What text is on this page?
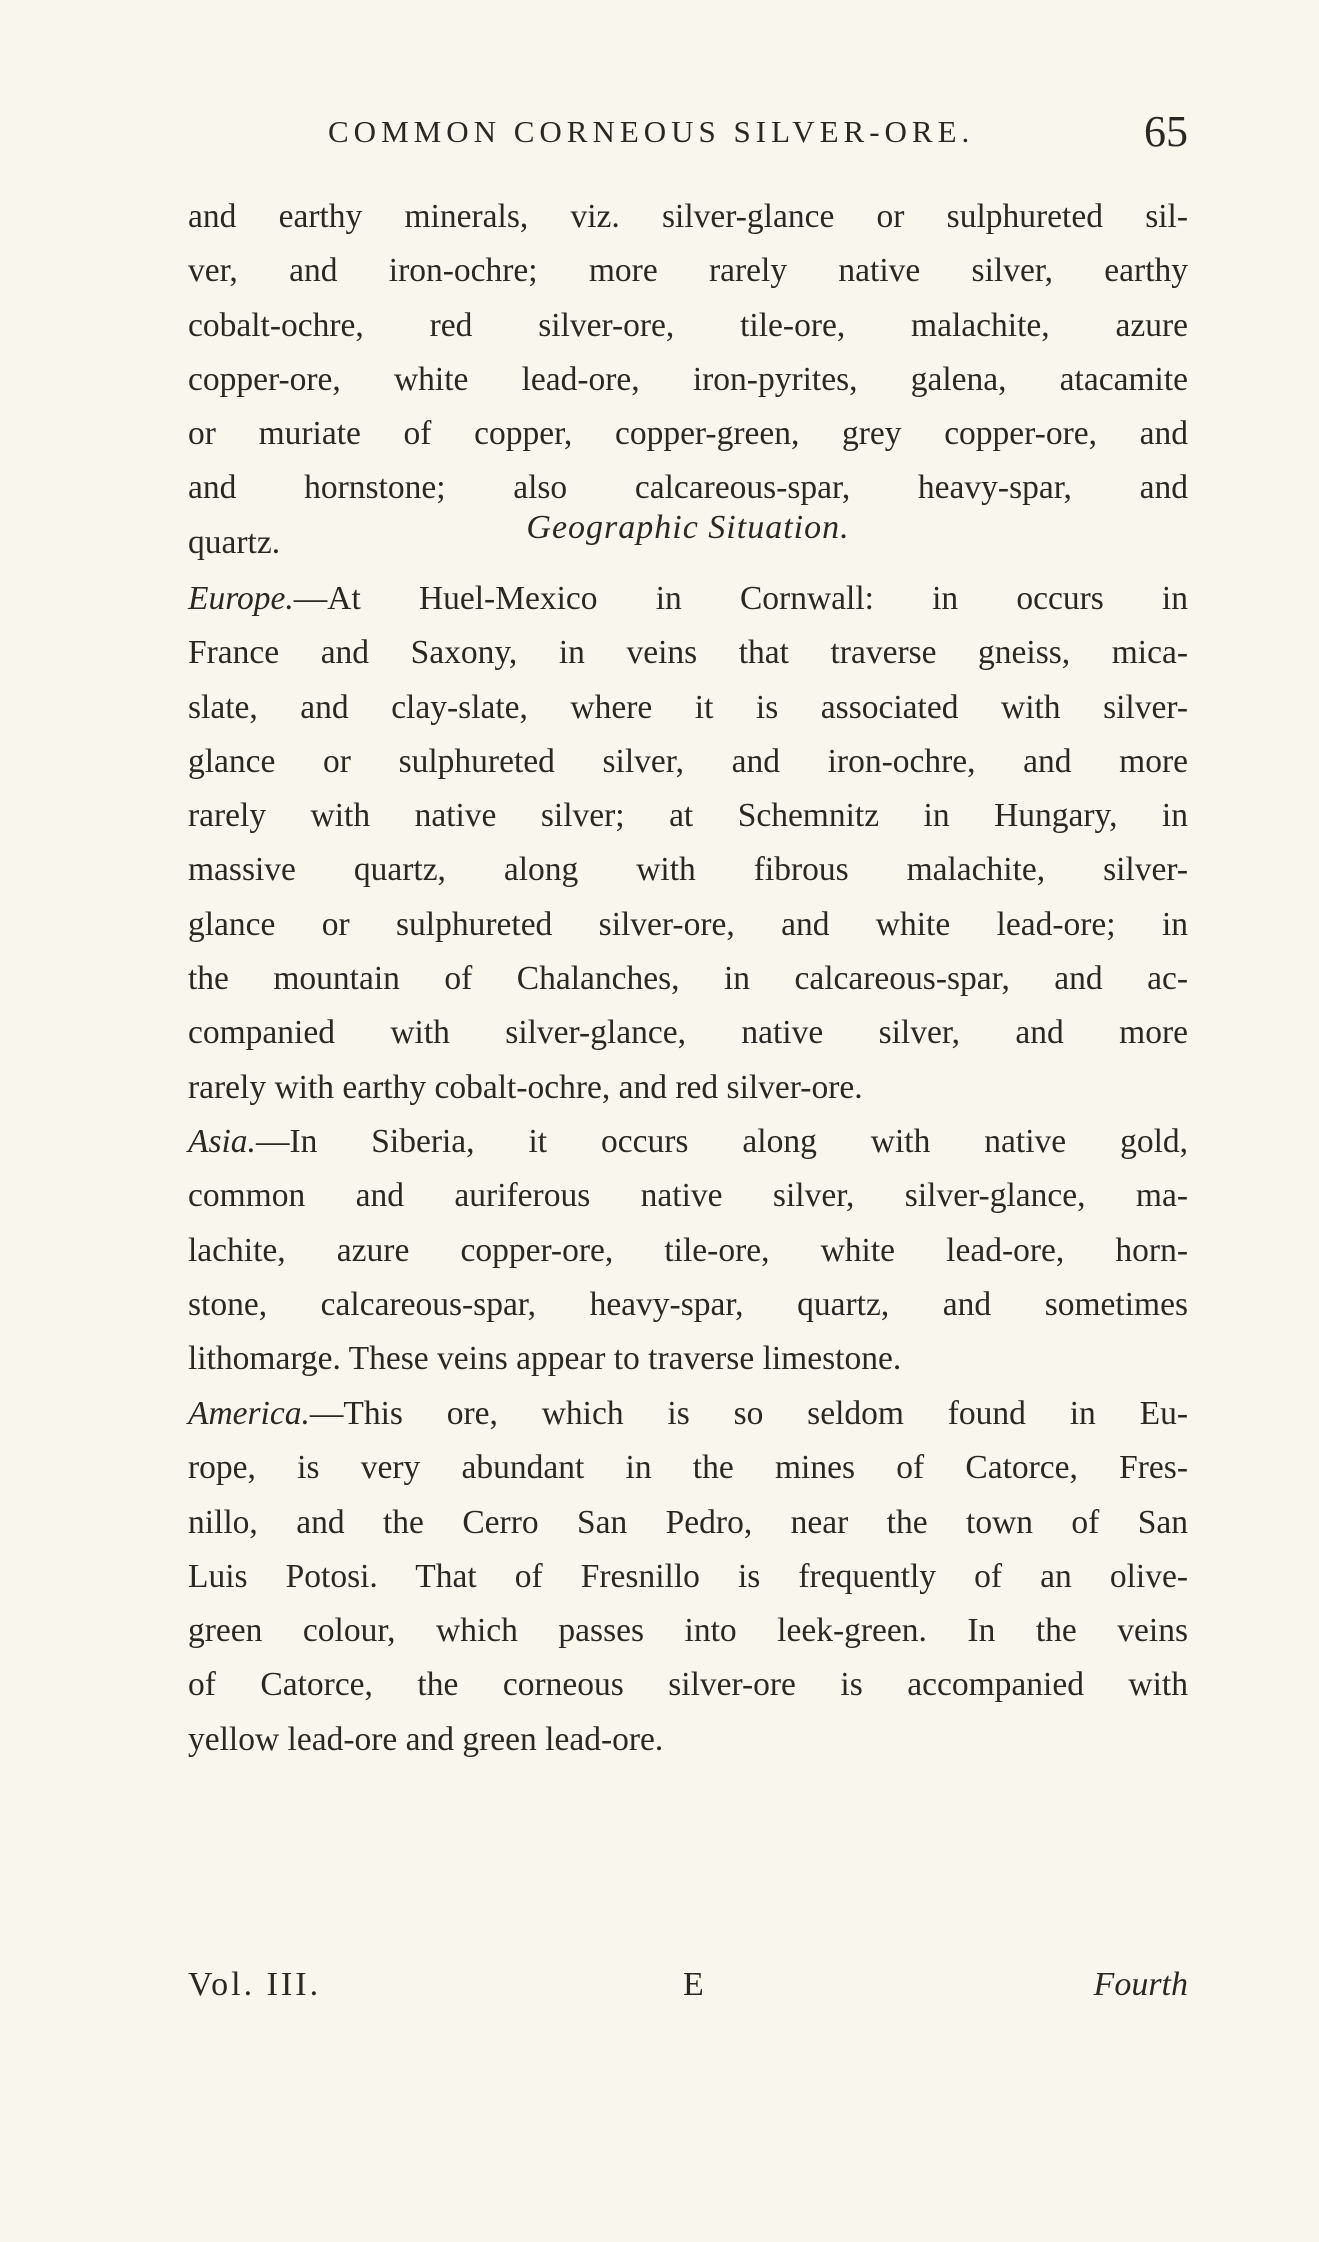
COMMON CORNEOUS SILVER-ORE.	65
and earthy minerals, viz. silver-glance or sulphureted sil-
ver, and iron-ochre; more rarely native silver, earthy
cobalt-ochre, red silver-ore, tile-ore, malachite, azure
copper-ore, white lead-ore, iron-pyrites, galena, atacamite
or muriate of copper, copper-green, grey copper-ore, and
and hornstone; also calcareous-spar, heavy-spar, and
quartz.	Geographic Situation.
Europe.—At Huel-Mexico in Cornwall: in occurs in
France and Saxony, in veins that traverse gneiss, mica-
slate, and clay-slate, where it is associated with silver-
glance or sulphureted silver, and iron-ochre, and more
rarely with native silver; at Schemnitz in Hungary, in
massive quartz, along with fibrous malachite, silver-
glance or sulphureted silver-ore, and white lead-ore; in
the mountain of Chalanches, in calcareous-spar, and ac-
companied with silver-glance, native silver, and more
rarely with earthy cobalt-ochre, and red silver-ore.
Asia.—In Siberia, it occurs along with native gold,
common and auriferous native silver, silver-glance, ma-
lachite, azure copper-ore, tile-ore, white lead-ore, horn-
stone, calcareous-spar, heavy-spar, quartz, and sometimes
lithomarge. These veins appear to traverse limestone.
America.—This ore, which is so seldom found in Eu-
rope, is very abundant in the mines of Catorce, Fres-
nillo, and the Cerro San Pedro, near the town of San
Luis Potosi. That of Fresnillo is frequently of an olive-
green colour, which passes into leek-green. In the veins
of Catorce, the corneous silver-ore is accompanied with
yellow lead-ore and green lead-ore.
Vol. III.	E	Fourth
